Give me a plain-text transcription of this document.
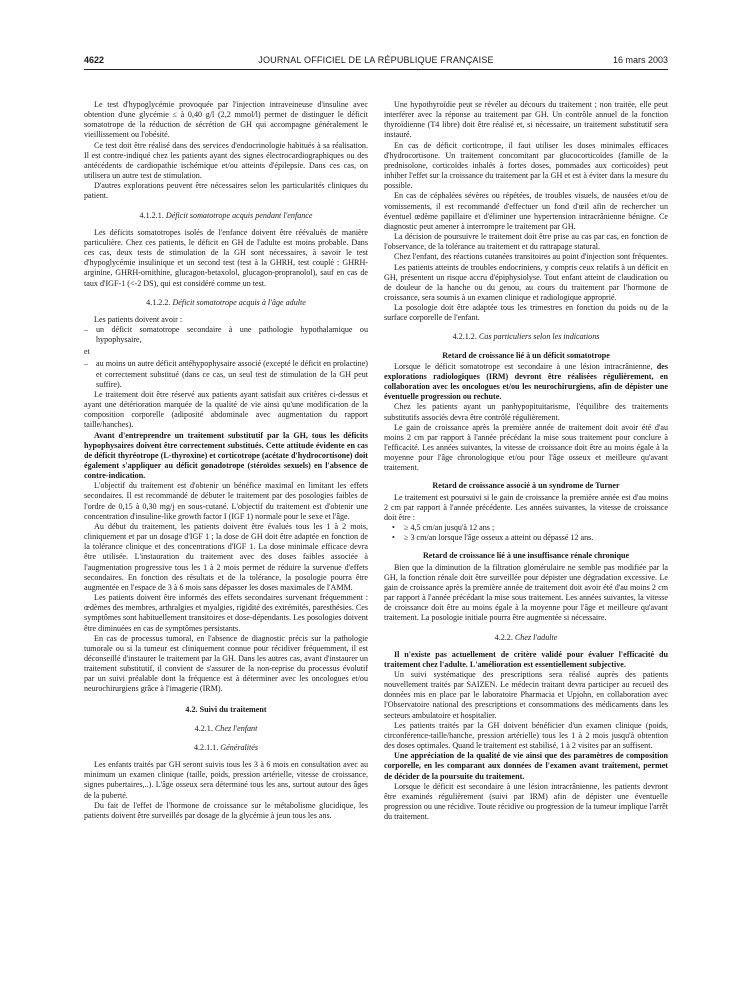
4622	JOURNAL OFFICIEL DE LA RÉPUBLIQUE FRANÇAISE	16 mars 2003

Le test d'hypoglycémie provoquée par l'injection intraveineuse d'insuline avec obtention d'une glycémie ≤ à 0,40 g/l (2,2 mmol/l) permet de distinguer le déficit somatotrope de la réduction de sécrétion de GH qui accompagne généralement le vieillissement ou l'obésité.

Ce test doit être réalisé dans des services d'endocrinologie habitués à sa réalisation. Il est contre-indiqué chez les patients ayant des signes électrocardiographiques ou des antécédents de cardiopathie ischémique et/ou atteints d'épilepsie. Dans ces cas, on utilisera un autre test de stimulation.

D'autres explorations peuvent être nécessaires selon les particularités cliniques du patient.

4.1.2.1. Déficit somatotrope acquis pendant l'enfance

Les déficits somatotropes isolés de l'enfance doivent être réévalués de manière particulière. Chez ces patients, le déficit en GH de l'adulte est moins probable. Dans ces cas, deux tests de stimulation de la GH sont nécessaires, à savoir le test d'hypoglycémie insulinique et un second test (test à la GHRH, test couplé : GHRH-arginine, GHRH-ornithine, glucagon-betaxolol, glucagon-propranolol), sauf en cas de taux d'IGF-1 (<-2 DS), qui est considéré comme un test.

4.1.2.2. Déficit somatotrope acquis à l'âge adulte

Les patients doivent avoir :

– un déficit somatotrope secondaire à une pathologie hypothalamique ou hypophysaire,

et

– au moins un autre déficit antéhypophysaire associé (excepté le déficit en prolactine) et correctement substitué (dans ce cas, un seul test de stimulation de la GH peut suffire).

Le traitement doit être réservé aux patients ayant satisfait aux critères ci-dessus et ayant une détérioration marquée de la qualité de vie ainsi qu'une modification de la composition corporelle (adiposité abdominale avec augmentation du rapport taille/hanches).

Avant d'entreprendre un traitement substitutif par la GH, tous les déficits hypophysaires doivent être correctement substitués. Cette attitude évidente en cas de déficit thyréotrope (L-thyroxine) et corticotrope (acétate d'hydrocortisone) doit également s'appliquer au déficit gonadotrope (stéroïdes sexuels) en l'absence de contre-indication.

L'objectif du traitement est d'obtenir un bénéfice maximal en limitant les effets secondaires. Il est recommandé de débuter le traitement par des posologies faibles de l'ordre de 0,15 à 0,30 mg/j en sous-cutané. L'objectif du traitement est d'obtenir une concentration d'insuline-like growth factor I (IGF 1) normale pour le sexe et l'âge.

Au début du traitement, les patients doivent être évalués tous les 1 à 2 mois, cliniquement et par un dosage d'IGF 1 ; la dose de GH doit être adaptée en fonction de la tolérance clinique et des concentrations d'IGF 1. La dose minimale efficace devra être utilisée. L'instauration du traitement avec des doses faibles associée à l'augmentation progressive tous les 1 à 2 mois permet de réduire la survenue d'effets secondaires. En fonction des résultats et de la tolérance, la posologie pourra être augmentée en l'espace de 3 à 6 mois sans dépasser les doses maximales de l'AMM.

Les patients doivent être informés des effets secondaires survenant fréquemment : œdèmes des membres, arthralgies et myalgies, rigidité des extrémités, paresthésies. Ces symptômes sont habituellement transitoires et dose-dépendants. Les posologies doivent être diminuées en cas de symptômes persistants.

En cas de processus tumoral, en l'absence de diagnostic précis sur la pathologie tumorale ou si la tumeur est cliniquement connue pour récidiver fréquemment, il est déconseillé d'instaurer le traitement par la GH. Dans les autres cas, avant d'instaurer un traitement substitutif, il convient de s'assurer de la non-reprise du processus évolutif par un suivi préalable dont la fréquence est à déterminer avec les oncologues et/ou neurochirurgiens grâce à l'imagerie (IRM).

4.2. Suivi du traitement
4.2.1. Chez l'enfant
4.2.1.1. Généralités

Les enfants traités par GH seront suivis tous les 3 à 6 mois en consultation avec au minimum un examen clinique (taille, poids, pression artérielle, vitesse de croissance, signes pubertaires,..). L'âge osseux sera déterminé tous les ans, surtout autour des âges de la puberté.

Du fait de l'effet de l'hormone de croissance sur le métabolisme glucidique, les patients doivent être surveillés par dosage de la glycémie à jeun tous les ans.

Une hypothyroïdie peut se révéler au décours du traitement ; non traitée, elle peut interférer avec la réponse au traitement par GH. Un contrôle annuel de la fonction thyroïdienne (T4 libre) doit être réalisé et, si nécessaire, un traitement substitutif sera instauré.

En cas de déficit corticotrope, il faut utiliser les doses minimales efficaces d'hydrocortisone. Un traitement concomitant par glucocorticoïdes (famille de la prednisolone, corticoïdes inhalés à fortes doses, pommades aux corticoïdes) peut inhiber l'effet sur la croissance du traitement par la GH et est à éviter dans la mesure du possible.

En cas de céphalées sévères ou répétées, de troubles visuels, de nausées et/ou de vomissements, il est recommandé d'effectuer un fond d'œil afin de rechercher un éventuel œdème papillaire et d'éliminer une hypertension intracrânienne bénigne. Ce diagnostic peut amener à interrompre le traitement par GH.

La décision de poursuivre le traitement doit être prise au cas par cas, en fonction de l'observance, de la tolérance au traitement et du rattrapage statural.

Chez l'enfant, des réactions cutanées transitoires au point d'injection sont fréquentes.

Les patients atteints de troubles endocriniens, y compris ceux relatifs à un déficit en GH, présentent un risque accru d'épiphysiolyse. Tout enfant atteint de claudication ou de douleur de la hanche ou du genou, au cours du traitement par l'hormone de croissance, sera soumis à un examen clinique et radiologique approprié.

La posologie doit être adaptée tous les trimestres en fonction du poids ou de la surface corporelle de l'enfant.

4.2.1.2. Cas particuliers selon les indications
Retard de croissance lié à un déficit somatotrope

Lorsque le déficit somatotrope est secondaire à une lésion intracrânienne, des explorations radiologiques (IRM) devront être réalisées régulièrement, en collaboration avec les oncologues et/ou les neurochirurgiens, afin de dépister une éventuelle progression ou rechute.

Chez les patients ayant un panhypopituitarisme, l'équilibre des traitements substitutifs associés devra être contrôlé régulièrement.

Le gain de croissance après la première année de traitement doit avoir été d'au moins 2 cm par rapport à l'année précédant la mise sous traitement pour conclure à l'efficacité. Les années suivantes, la vitesse de croissance doit être au moins égale à la moyenne pour l'âge chronologique et/ou pour l'âge osseux et meilleure qu'avant traitement.

Retard de croissance associé à un syndrome de Turner

Le traitement est poursuivi si le gain de croissance la première année est d'au moins 2 cm par rapport à l'année précédente. Les années suivantes, la vitesse de croissance doit être :

• ≥ 4,5 cm/an jusqu'à 12 ans ;
• ≥ 3 cm/an lorsque l'âge osseux a atteint ou dépassé 12 ans.
Retard de croissance lié à une insuffisance rénale chronique

Bien que la diminution de la filtration glomérulaire ne semble pas modifiée par la GH, la fonction rénale doit être surveillée pour dépister une dégradation excessive. Le gain de croissance après la première année de traitement doit avoir été d'au moins 2 cm par rapport à l'année précédant la mise sous traitement. Les années suivantes, la vitesse de croissance doit être au moins égale à la moyenne pour l'âge et meilleure qu'avant traitement. La posologie initiale pourra être augmentée si nécessaire.

4.2.2. Chez l'adulte

Il n'existe pas actuellement de critère validé pour évaluer l'efficacité du traitement chez l'adulte. L'amélioration est essentiellement subjective.

Un suivi systématique des prescriptions sera réalisé auprès des patients nouvellement traités par SAIZEN. Le médecin traitant devra participer au recueil des données mis en place par le laboratoire Pharmacia et Upjohn, en collaboration avec l'Observatoire national des prescriptions et consommations des médicaments dans les secteurs ambulatoire et hospitalier.

Les patients traités par la GH doivent bénéficier d'un examen clinique (poids, circonférence-taille/hanche, pression artérielle) tous les 1 à 2 mois jusqu'à obtention des doses optimales. Quand le traitement est stabilisé, 1 à 2 visites par an suffisent.

Une appréciation de la qualité de vie ainsi que des paramètres de composition corporelle, en les comparant aux données de l'examen avant traitement, permet de décider de la poursuite du traitement.

Lorsque le déficit est secondaire à une lésion intracrânienne, les patients devront être examinés régulièrement (suivi par IRM) afin de dépister une éventuelle progression ou une récidive. Toute récidive ou progression de la tumeur implique l'arrêt du traitement.
